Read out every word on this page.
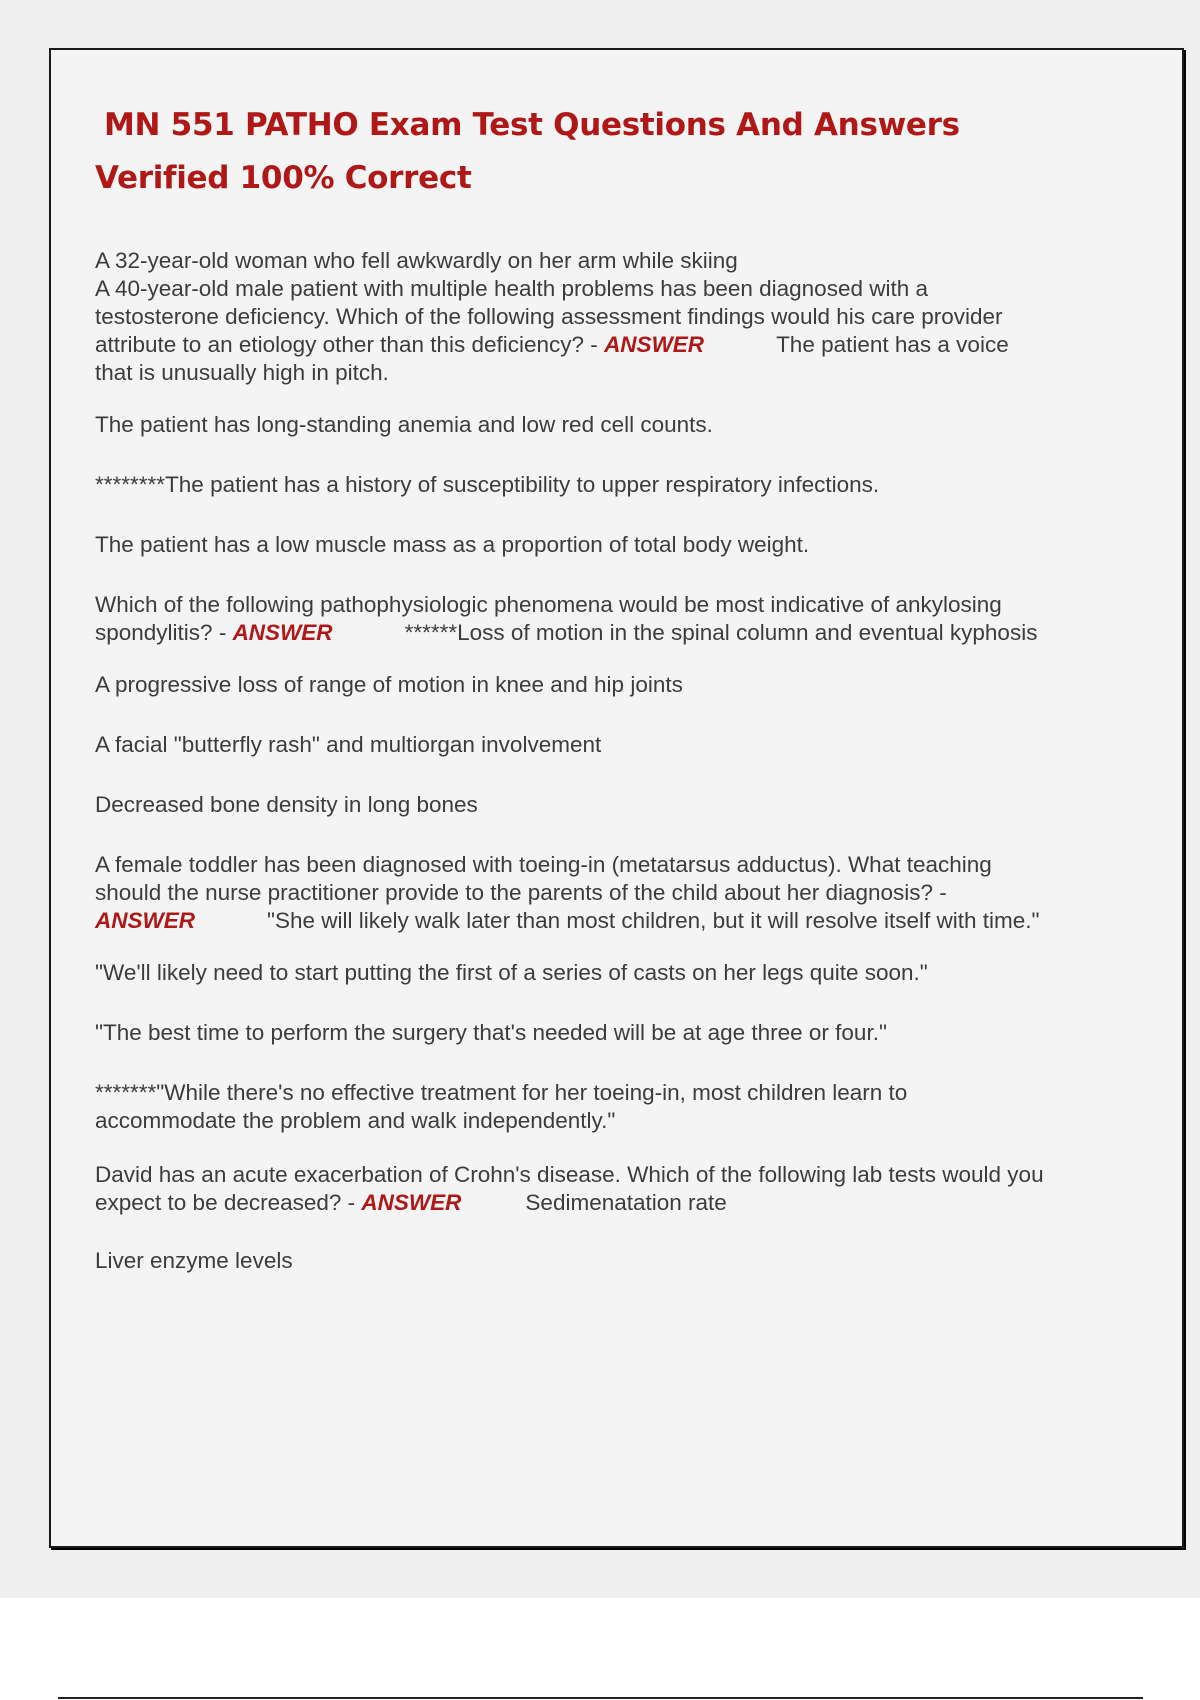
MN 551 PATHO Exam Test Questions And Answers
Verified 100% Correct

A 32-year-old woman who fell awkwardly on her arm while skiing

A 40-year-old male patient with multiple health problems has been diagnosed with a testosterone deficiency. Which of the following assessment findings would his care provider attribute to an etiology other than this deficiency? - ANSWER	The patient has a voice that is unusually high in pitch.

The patient has long-standing anemia and low red cell counts.

********The patient has a history of susceptibility to upper respiratory infections.

The patient has a low muscle mass as a proportion of total body weight.

Which of the following pathophysiologic phenomena would be most indicative of ankylosing spondylitis? - ANSWER	******Loss of motion in the spinal column and eventual kyphosis

A progressive loss of range of motion in knee and hip joints

A facial "butterfly rash" and multiorgan involvement

Decreased bone density in long bones

A female toddler has been diagnosed with toeing-in (metatarsus adductus). What teaching should the nurse practitioner provide to the parents of the child about her diagnosis? - ANSWER	"She will likely walk later than most children, but it will resolve itself with time."

"We'll likely need to start putting the first of a series of casts on her legs quite soon."

"The best time to perform the surgery that's needed will be at age three or four."

*******"While there's no effective treatment for her toeing-in, most children learn to accommodate the problem and walk independently."

David has an acute exacerbation of Crohn's disease. Which of the following lab tests would you expect to be decreased? - ANSWER	Sedimenatation rate

Liver enzyme levels
